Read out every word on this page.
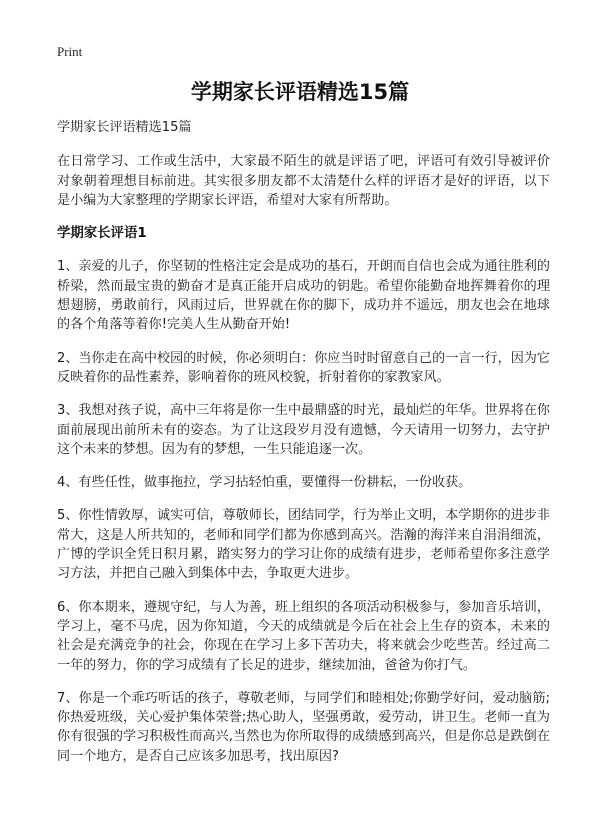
Print
学期家长评语精选15篇

学期家长评语精选15篇

在日常学习、工作或生活中，大家最不陌生的就是评语了吧，评语可有效引导被评价对象朝着理想目标前进。其实很多朋友都不太清楚什么样的评语才是好的评语，以下是小编为大家整理的学期家长评语，希望对大家有所帮助。

学期家长评语1

1、亲爱的儿子，你坚韧的性格注定会是成功的基石，开朗而自信也会成为通往胜利的桥梁，然而最宝贵的勤奋才是真正能开启成功的钥匙。希望你能勤奋地挥舞着你的理想翅膀，勇敢前行，风雨过后，世界就在你的脚下，成功并不遥远，朋友也会在地球的各个角落等着你!完美人生从勤奋开始!

2、当你走在高中校园的时候，你必须明白：你应当时时留意自己的一言一行，因为它反映着你的品性素养，影响着你的班风校貌，折射着你的家教家风。

3、我想对孩子说，高中三年将是你一生中最鼎盛的时光，最灿烂的年华。世界将在你面前展现出前所未有的姿态。为了让这段岁月没有遗憾，今天请用一切努力，去守护这个未来的梦想。因为有的梦想，一生只能追逐一次。

4、有些任性，做事拖拉，学习拈轻怕重，要懂得一份耕耘，一份收获。

5、你性情敦厚，诚实可信，尊敬师长，团结同学，行为举止文明，本学期你的进步非常大，这是人所共知的，老师和同学们都为你感到高兴。浩瀚的海洋来自涓涓细流，广博的学识全凭日积月累，踏实努力的学习让你的成绩有进步，老师希望你多注意学习方法，并把自己融入到集体中去，争取更大进步。

6、你本期来，遵规守纪，与人为善，班上组织的各项活动积极参与，参加音乐培训，学习上，毫不马虎，因为你知道，今天的成绩就是今后在社会上生存的资本，未来的社会是充满竞争的社会，你现在在学习上多下苦功夫，将来就会少吃些苦。经过高二一年的努力，你的学习成绩有了长足的进步，继续加油，爸爸为你打气。

7、你是一个乖巧听话的孩子，尊敬老师，与同学们和睦相处;你勤学好问，爱动脑筋;你热爱班级，关心爱护集体荣誉;热心助人，坚强勇敢，爱劳动，讲卫生。老师一直为你有很强的学习积极性而高兴,当然也为你所取得的成绩感到高兴，但是你总是跌倒在同一个地方，是否自己应该多加思考，找出原因?
